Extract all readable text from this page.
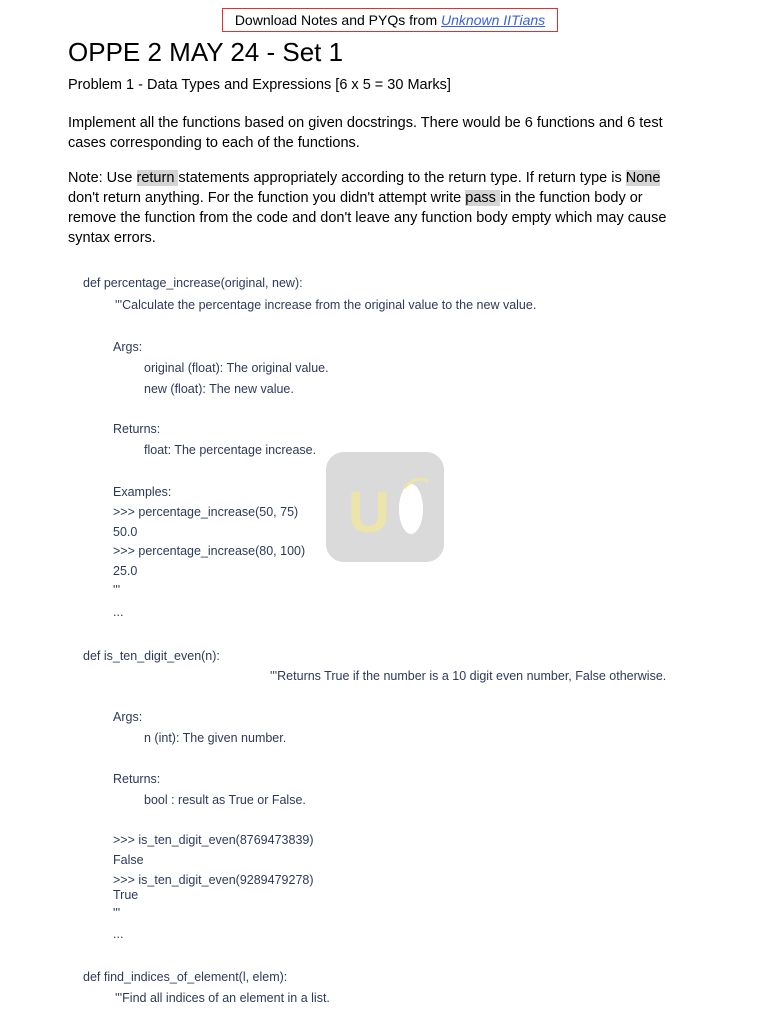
Download Notes and PYQs from Unknown IITians
OPPE 2 MAY 24 - Set 1
Problem 1 - Data Types and Expressions [6 x 5 = 30 Marks]
Implement all the functions based on given docstrings. There would be 6 functions and 6 test cases corresponding to each of the functions.
Note: Use return statements appropriately according to the return type. If return type is None don't return anything. For the function you didn't attempt write pass in the function body or remove the function from the code and don't leave any function body empty which may cause syntax errors.
def percentage_increase(original, new):
'''Calculate the percentage increase from the original value to the new value.
Args:
original (float): The original value.
new (float): The new value.
Returns:
float: The percentage increase.
Examples:
>>> percentage_increase(50, 75)
50.0
>>> percentage_increase(80, 100)
25.0
'''
...
def is_ten_digit_even(n):
'''Returns True if the number is a 10 digit even number, False otherwise.
Args:
n (int): The given number.
Returns:
bool : result as True or False.
>>> is_ten_digit_even(8769473839)
False
>>> is_ten_digit_even(9289479278)
True
'''
...
def find_indices_of_element(l, elem):
'''Find all indices of an element in a list.
U
